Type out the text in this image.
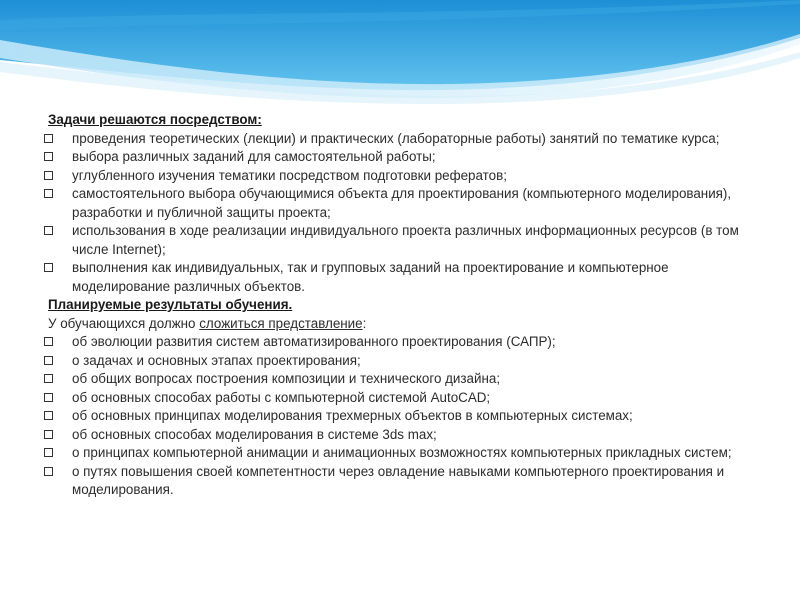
Задачи решаются посредством:

проведения теоретических (лекции) и практических (лабораторные работы) занятий по тематике курса;
выбора различных заданий для самостоятельной работы;
углубленного изучения тематики посредством подготовки рефератов;
самостоятельного выбора обучающимися объекта для проектирования (компьютерного моделирования), разработки и публичной защиты проекта;
использования в ходе реализации индивидуального проекта различных информационных ресурсов (в том числе Internet);
выполнения как индивидуальных, так и групповых заданий на проектирование и компьютерное моделирование различных объектов.

Планируемые результаты обучения.

У обучающихся должно сложиться представление:

об эволюции развития систем автоматизированного проектирования (САПР);
о задачах и основных этапах проектирования;
об общих вопросах построения композиции и технического дизайна;
об основных способах работы с компьютерной системой AutoCAD;
об основных принципах моделирования трехмерных объектов в компьютерных системах;
об основных способах моделирования в системе 3ds max;
о принципах компьютерной анимации и анимационных возможностях компьютерных прикладных систем;
о путях повышения своей компетентности через овладение навыками компьютерного проектирования и моделирования.
